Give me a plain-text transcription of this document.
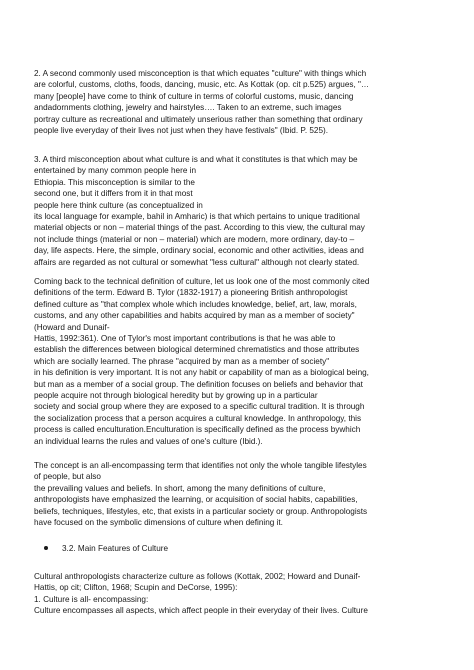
2. A second commonly used misconception is that which equates "culture" with things which
are colorful, customs, cloths, foods, dancing, music, etc. As Kottak (op. cit p.525) argues, "…
many [people] have come to think of culture in terms of colorful customs, music, dancing
andadornments clothing, jewelry and hairstyles…. Taken to an extreme, such images
portray culture as recreational and ultimately unserious rather than something that ordinary
people live everyday of their lives not just when they have festivals" (Ibid. P. 525).
3. A third misconception about what culture is and what it constitutes is that which may be
entertained by many common people here in
Ethiopia. This misconception is similar to the
second one, but it differs from it in that most
people here think culture (as conceptualized in
its local language for example, bahil in Amharic) is that which pertains to unique traditional
material objects or non – material things of the past. According to this view, the cultural may
not include things (material or non – material) which are modern, more ordinary, day-to –
day, life aspects. Here, the simple, ordinary social, economic and other activities, ideas and
affairs are regarded as not cultural or somewhat "less cultural" although not clearly stated.
Coming back to the technical definition of culture, let us look one of the most commonly cited
definitions of the term. Edward B. Tylor (1832-1917) a pioneering British anthropologist
defined culture as "that complex whole which includes knowledge, belief, art, law, morals,
customs, and any other capabilities and habits acquired by man as a member of society"
(Howard and Dunaif-
Hattis, 1992:361). One of Tylor's most important contributions is that he was able to
establish the differences between biological determined chrematistics and those attributes
which are socially learned. The phrase "acquired by man as a member of society"
in his definition is very important. It is not any habit or capability of man as a biological being,
but man as a member of a social group. The definition focuses on beliefs and behavior that
people acquire not through biological heredity but by growing up in a particular
society and social group where they are exposed to a specific cultural tradition. It is through
the socialization process that a person acquires a cultural knowledge. In anthropology, this
process is called enculturation.Enculturation is specifically defined as the process bywhich
an individual learns the rules and values of one's culture (Ibid.).
The concept is an all-encompassing term that identifies not only the whole tangible lifestyles
of people, but also
the prevailing values and beliefs. In short, among the many definitions of culture,
anthropologists have emphasized the learning, or acquisition of social habits, capabilities,
beliefs, techniques, lifestyles, etc, that exists in a particular society or group. Anthropologists
have focused on the symbolic dimensions of culture when defining it.
3.2. Main Features of Culture
Cultural anthropologists characterize culture as follows (Kottak, 2002; Howard and Dunaif-
Hattis, op cit; Clifton, 1968; Scupin and DeCorse, 1995):
1. Culture is all- encompassing:
Culture encompasses all aspects, which affect people in their everyday of their lives. Culture
